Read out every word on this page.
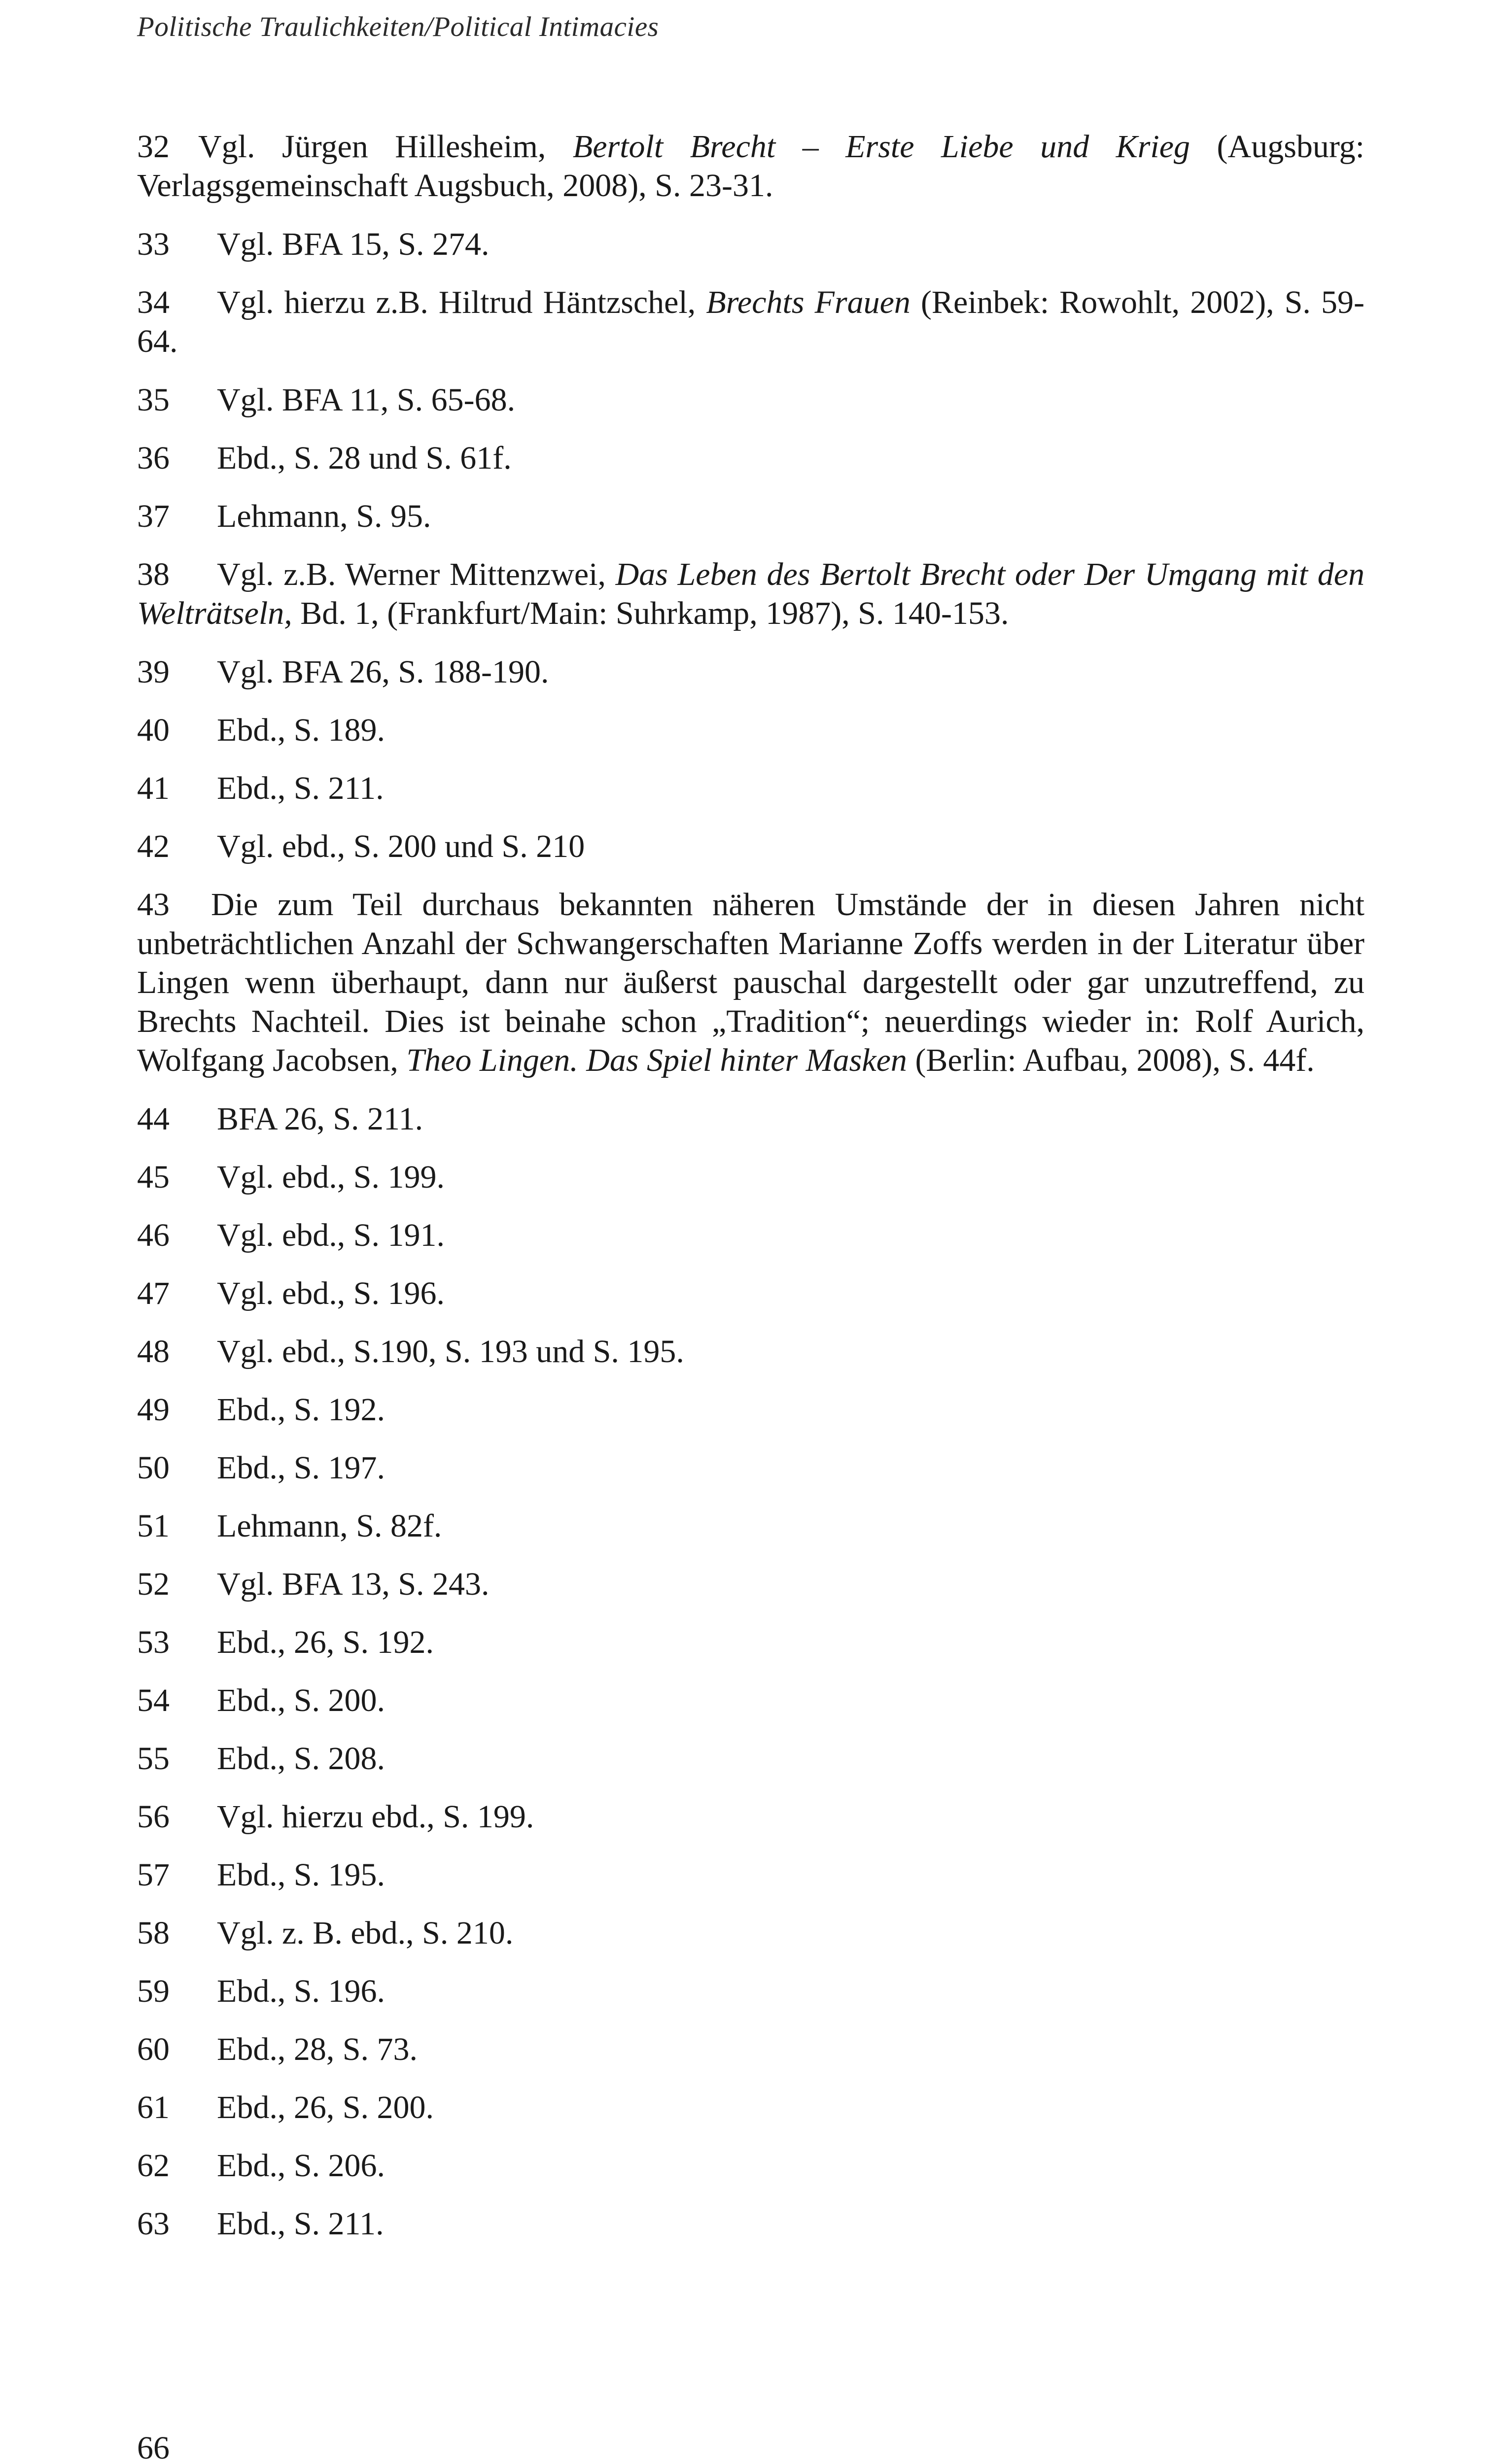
Politische Traulichkeiten/Political Intimacies

32 Vgl. Jürgen Hillesheim, Bertolt Brecht – Erste Liebe und Krieg (Augsburg: Verlagsgemeinschaft Augsbuch, 2008), S. 23-31.

33 Vgl. BFA 15, S. 274.

34 Vgl. hierzu z.B. Hiltrud Häntzschel, Brechts Frauen (Reinbek: Rowohlt, 2002), S. 59-64.

35 Vgl. BFA 11, S. 65-68.

36 Ebd., S. 28 und S. 61f.

37 Lehmann, S. 95.

38 Vgl. z.B. Werner Mittenzwei, Das Leben des Bertolt Brecht oder Der Umgang mit den Welträtseln, Bd. 1, (Frankfurt/Main: Suhrkamp, 1987), S. 140-153.

39 Vgl. BFA 26, S. 188-190.

40 Ebd., S. 189.

41 Ebd., S. 211.

42 Vgl. ebd., S. 200 und S. 210

43 Die zum Teil durchaus bekannten näheren Umstände der in diesen Jahren nicht unbeträchtlichen Anzahl der Schwangerschaften Marianne Zoffs werden in der Literatur über Lingen wenn überhaupt, dann nur äußerst pauschal dargestellt oder gar unzutreffend, zu Brechts Nachteil. Dies ist beinahe schon „Tradition“; neuerdings wieder in: Rolf Aurich, Wolfgang Jacobsen, Theo Lingen. Das Spiel hinter Masken (Berlin: Aufbau, 2008), S. 44f.

44 BFA 26, S. 211.

45 Vgl. ebd., S. 199.

46 Vgl. ebd., S. 191.

47 Vgl. ebd., S. 196.

48 Vgl. ebd., S.190, S. 193 und S. 195.

49 Ebd., S. 192.

50 Ebd., S. 197.

51 Lehmann, S. 82f.

52 Vgl. BFA 13, S. 243.

53 Ebd., 26, S. 192.

54 Ebd., S. 200.

55 Ebd., S. 208.

56 Vgl. hierzu ebd., S. 199.

57 Ebd., S. 195.

58 Vgl. z. B. ebd., S. 210.

59 Ebd., S. 196.

60 Ebd., 28, S. 73.

61 Ebd., 26, S. 200.

62 Ebd., S. 206.

63 Ebd., S. 211.

66
